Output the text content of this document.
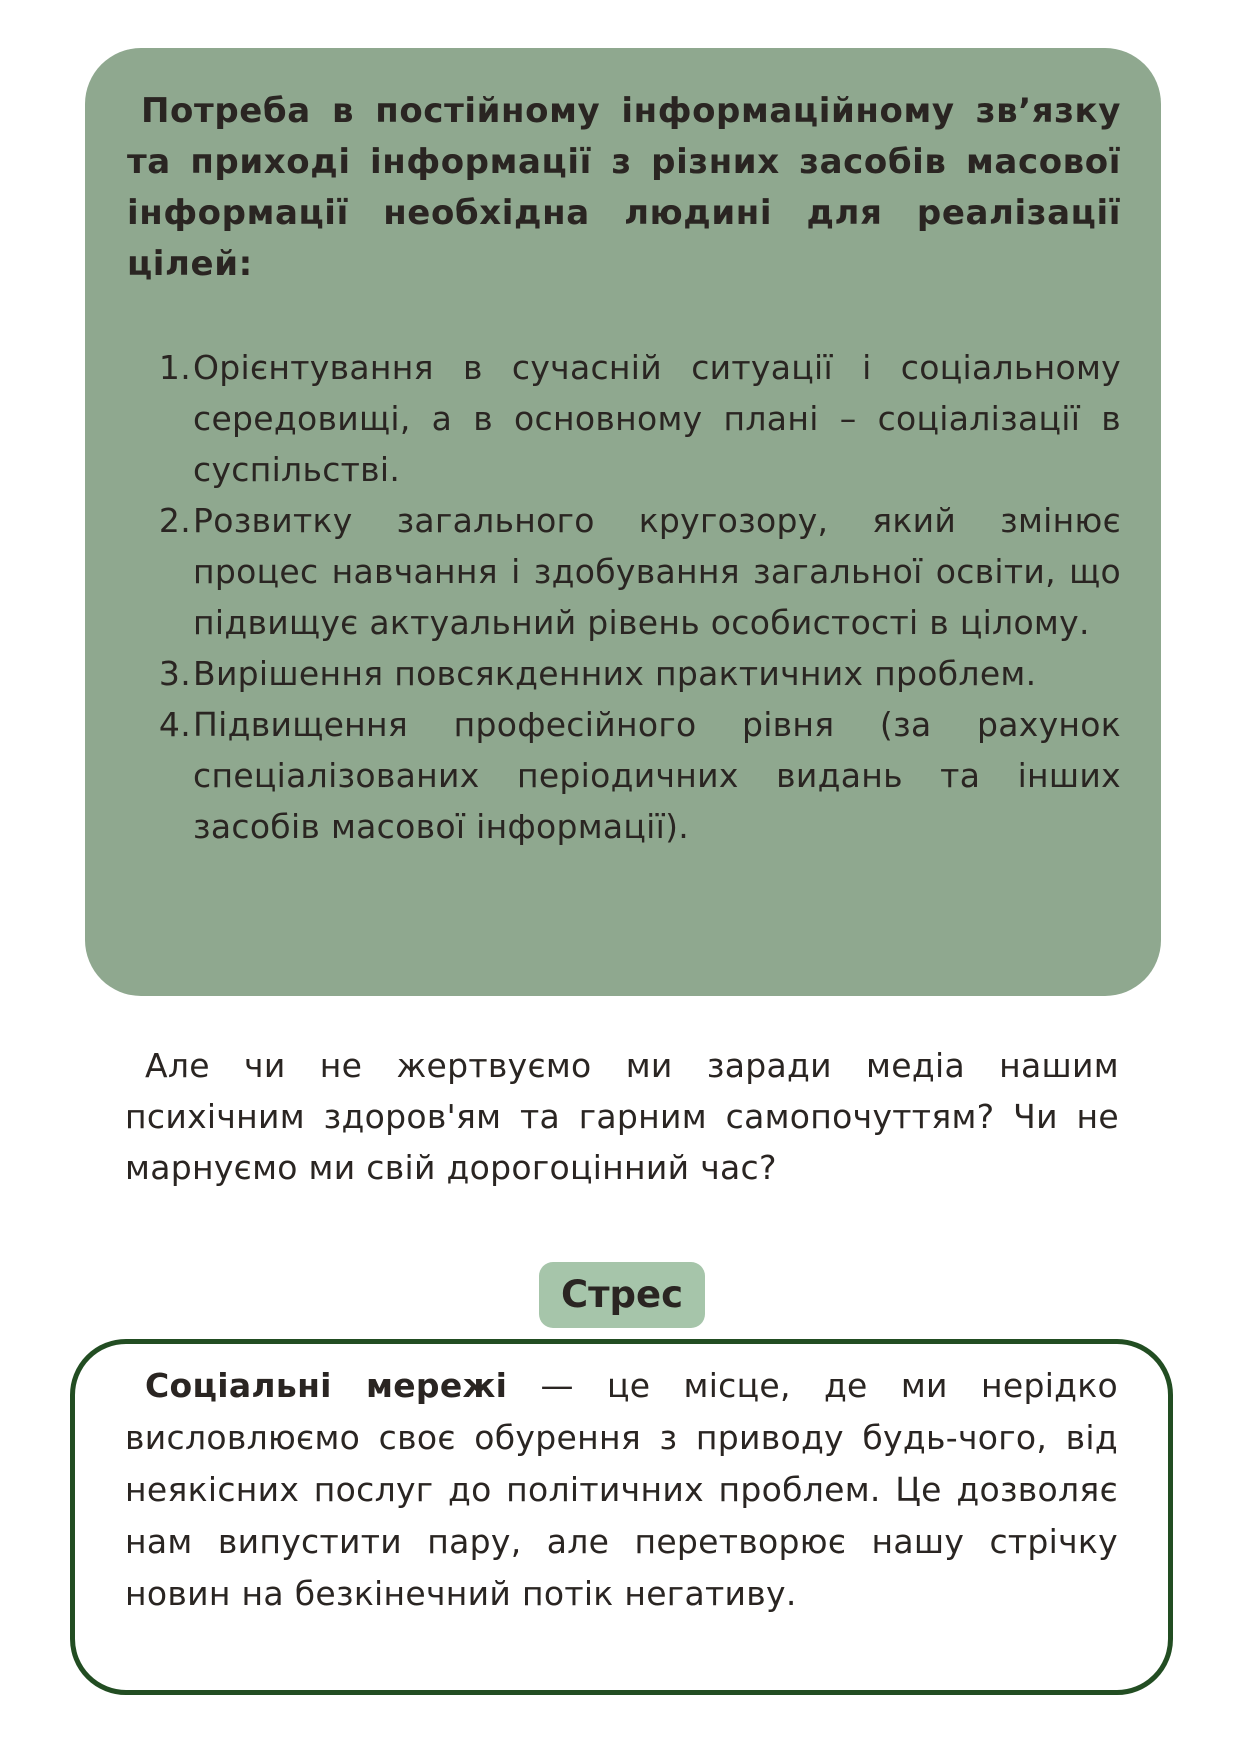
Потреба в постійному інформаційному зв’язку та приході інформації з різних засобів масової інформації необхідна людині для реалізації цілей:

1. Орієнтування в сучасній ситуації і соціальному середовищі, а в основному плані – соціалізації в суспільстві.
2. Розвитку загального кругозору, який змінює процес навчання і здобування загальної освіти, що підвищує актуальний рівень особистості в цілому.
3. Вирішення повсякденних практичних проблем.
4. Підвищення професійного рівня (за рахунок спеціалізованих періодичних видань та інших засобів масової інформації).

Але чи не жертвуємо ми заради медіа нашим психічним здоров'ям та гарним самопочуттям? Чи не марнуємо ми свій дорогоцінний час?

Стрес

Соціальні мережі — це місце, де ми нерідко висловлюємо своє обурення з приводу будь-чого, від неякісних послуг до політичних проблем. Це дозволяє нам випустити пару, але перетворює нашу стрічку новин на безкінечний потік негативу.
